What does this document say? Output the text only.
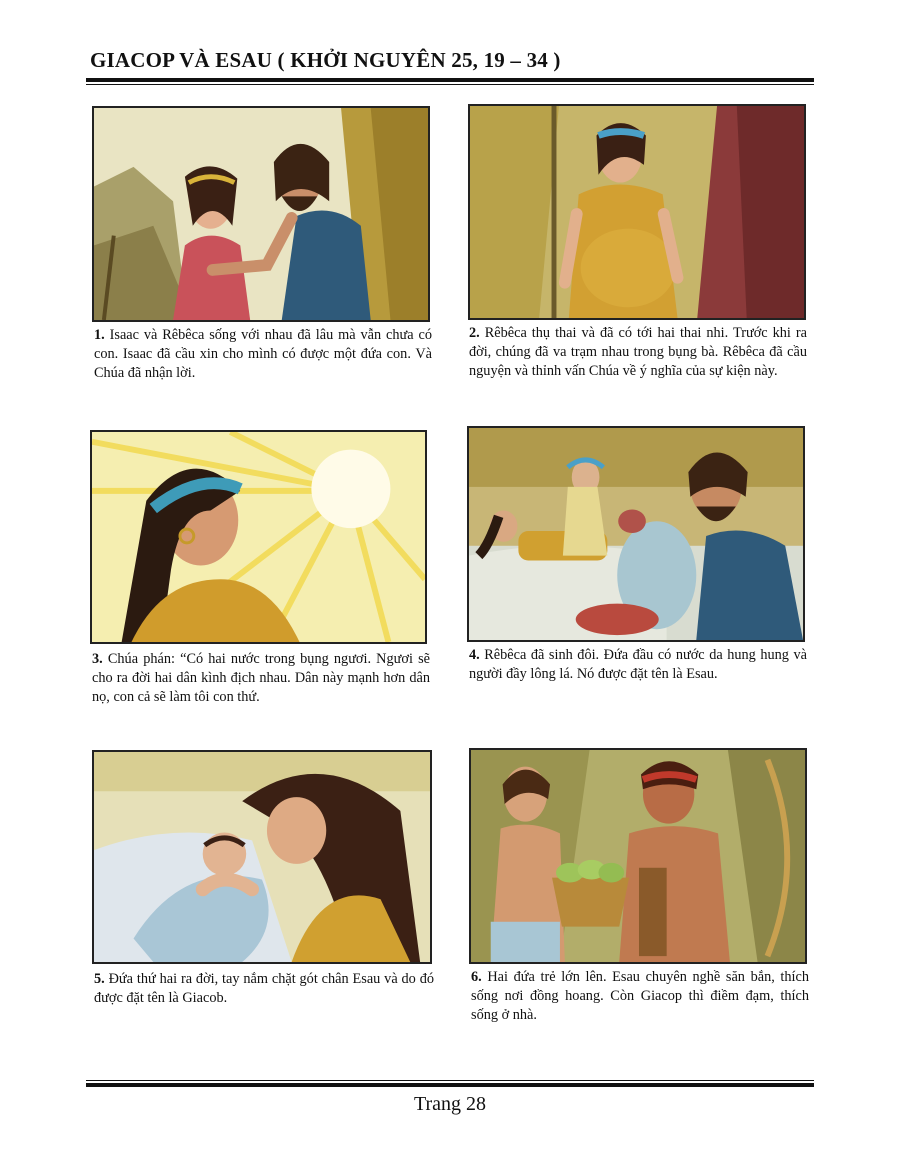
GIACOP VÀ ESAU ( KHỞI NGUYÊN 25, 19 – 34 )
1. Isaac và Rêbêca sống với nhau đã lâu mà vẫn chưa có con. Isaac đã cầu xin cho mình có được một đứa con. Và Chúa đã nhận lời.
2. Rêbêca thụ thai và đã có tới hai thai nhi. Trước khi ra đời, chúng đã va trạm nhau trong bụng bà. Rêbêca đã cầu nguyện và thỉnh vấn Chúa về ý nghĩa của sự kiện này.
3. Chúa phán: “Có hai nước trong bụng ngươi. Ngươi sẽ cho ra đời hai dân kình địch nhau. Dân này mạnh hơn dân nọ, con cả sẽ làm tôi con thứ.
4. Rêbêca đã sinh đôi. Đứa đầu có nước da hung hung và người đầy lông lá. Nó được đặt tên là Esau.
5. Đứa thứ hai ra đời, tay nắm chặt gót chân Esau và do đó được đặt tên là Giacob.
6. Hai đứa trẻ lớn lên. Esau chuyên nghề săn bắn, thích sống nơi đồng hoang. Còn Giacop thì điềm đạm, thích sống ở nhà.
Trang 28
